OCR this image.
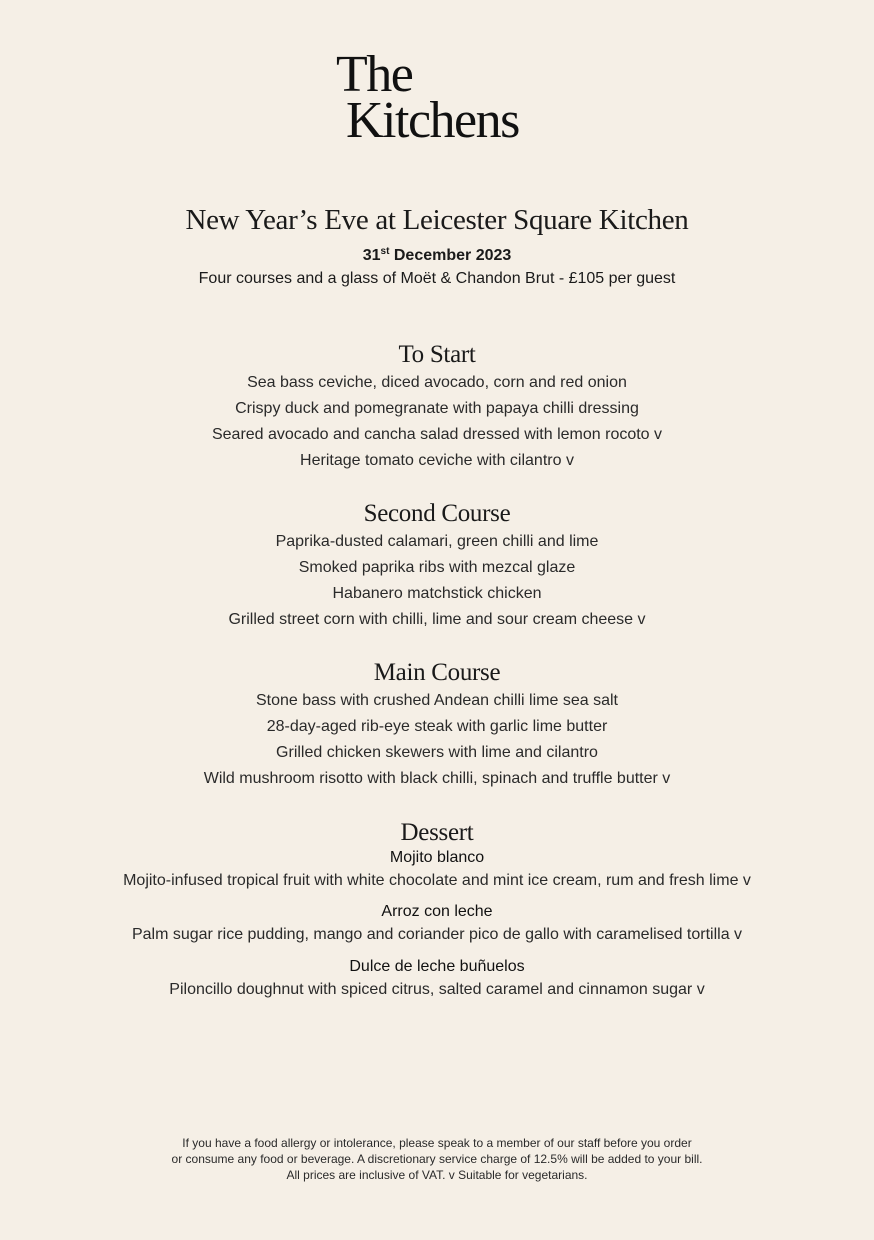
The
Kitchens
New Year’s Eve at Leicester Square Kitchen
31st December 2023
Four courses and a glass of Moët & Chandon Brut - £105 per guest
To Start
Sea bass ceviche, diced avocado, corn and red onion
Crispy duck and pomegranate with papaya chilli dressing
Seared avocado and cancha salad dressed with lemon rocoto v
Heritage tomato ceviche with cilantro v
Second Course
Paprika-dusted calamari, green chilli and lime
Smoked paprika ribs with mezcal glaze
Habanero matchstick chicken
Grilled street corn with chilli, lime and sour cream cheese v
Main Course
Stone bass with crushed Andean chilli lime sea salt
28-day-aged rib-eye steak with garlic lime butter
Grilled chicken skewers with lime and cilantro
Wild mushroom risotto with black chilli, spinach and truffle butter v
Dessert
Mojito blanco
Mojito-infused tropical fruit with white chocolate and mint ice cream, rum and fresh lime v
Arroz con leche
Palm sugar rice pudding, mango and coriander pico de gallo with caramelised tortilla v
Dulce de leche buñuelos
Piloncillo doughnut with spiced citrus, salted caramel and cinnamon sugar v
If you have a food allergy or intolerance, please speak to a member of our staff before you order
or consume any food or beverage. A discretionary service charge of 12.5% will be added to your bill.
All prices are inclusive of VAT. v Suitable for vegetarians.
